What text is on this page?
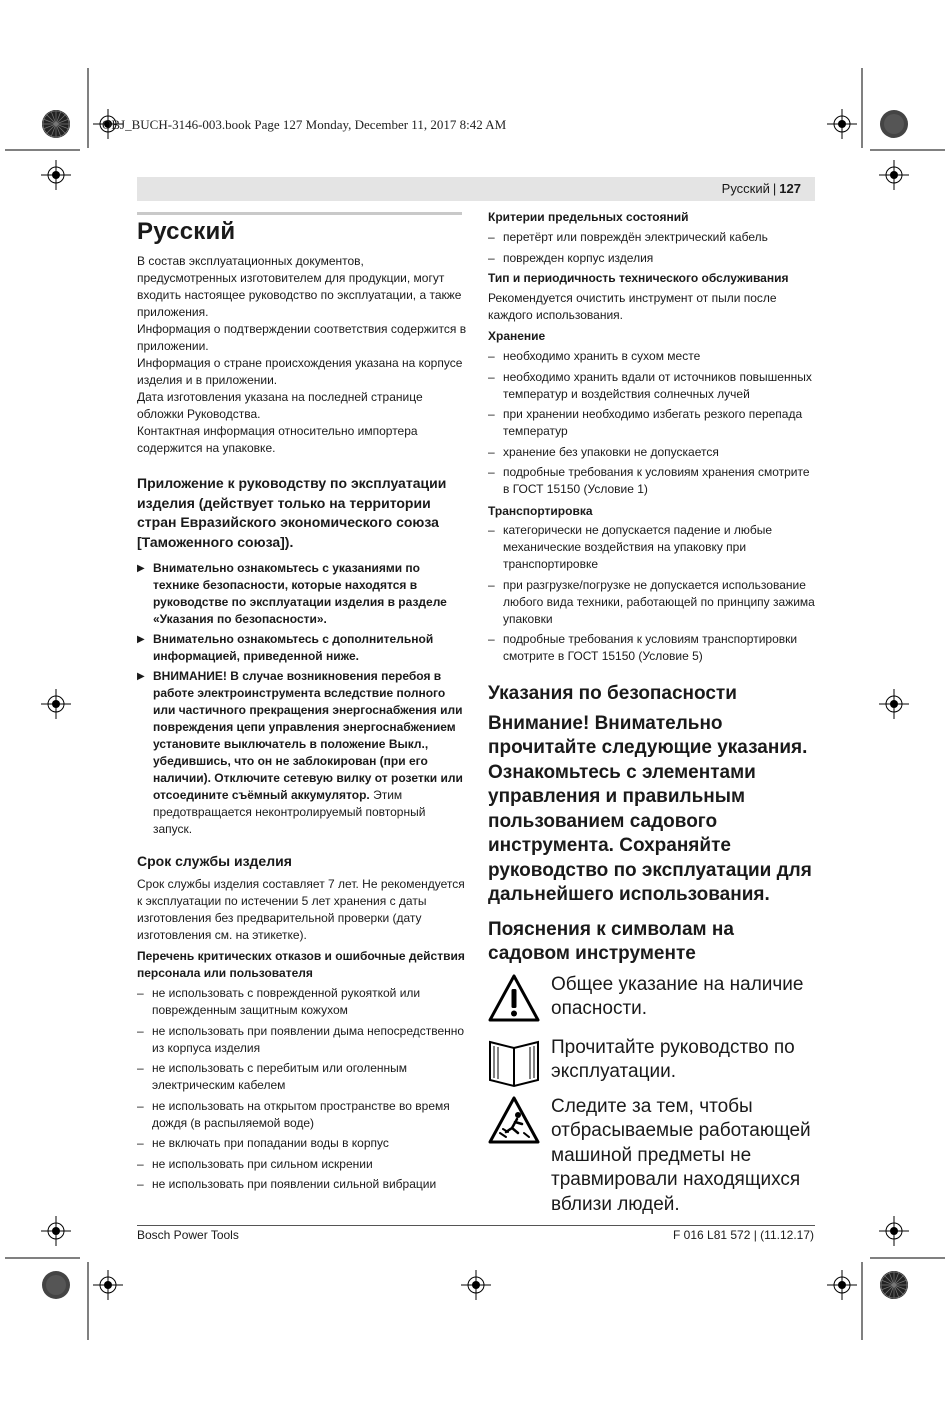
OBJ_BUCH-3146-003.book Page 127 Monday, December 11, 2017 8:42 AM
Русский | 127
Русский

В состав эксплуатационных документов, предусмотренных изготовителем для продукции, могут входить настоящее руководство по эксплуатации, а также приложения.

Информация о подтверждении соответствия содержится в приложении.

Информация о стране происхождения указана на корпусе изделия и в приложении.

Дата изготовления указана на последней странице обложки Руководства.

Контактная информация относительно импортера содержится на упаковке.

Приложение к руководству по эксплуатации изделия (действует только на территории стран Евразийского экономического союза [Таможенного союза]).
▶ Внимательно ознакомьтесь с указаниями по технике безопасности, которые находятся в руководстве по эксплуатации изделия в разделе «Указания по безопасности».
▶ Внимательно ознакомьтесь с дополнительной информацией, приведенной ниже.
▶ ВНИМАНИЕ! В случае возникновения перебоя в работе электроинструмента вследствие полного или частичного прекращения энергоснабжения или повреждения цепи управления энергоснабжением установите выключатель в положение Выкл., убедившись, что он не заблокирован (при его наличии). Отключите сетевую вилку от розетки или отсоедините съёмный аккумулятор. Этим предотвращается неконтролируемый повторный запуск.
Срок службы изделия

Срок службы изделия составляет 7 лет. Не рекомендуется к эксплуатации по истечении 5 лет хранения с даты изготовления без предварительной проверки (дату изготовления см. на этикетке).

Перечень критических отказов и ошибочные действия персонала или пользователя
– не использовать с поврежденной рукояткой или поврежденным защитным кожухом
– не использовать при появлении дыма непосредственно из корпуса изделия
– не использовать с перебитым или оголенным электрическим кабелем
– не использовать на открытом пространстве во время дождя (в распыляемой воде)
– не включать при попадании воды в корпус
– не использовать при сильном искрении
– не использовать при появлении сильной вибрации
Критерии предельных состояний
– перетёрт или повреждён электрический кабель
– поврежден корпус изделия
Тип и периодичность технического обслуживания

Рекомендуется очистить инструмент от пыли после каждого использования.

Хранение
– необходимо хранить в сухом месте
– необходимо хранить вдали от источников повышенных температур и воздействия солнечных лучей
– при хранении необходимо избегать резкого перепада температур
– хранение без упаковки не допускается
– подробные требования к условиям хранения смотрите в ГОСТ 15150 (Условие 1)
Транспортировка
– категорически не допускается падение и любые механические воздействия на упаковку при транспортировке
– при разгрузке/погрузке не допускается использование любого вида техники, работающей по принципу зажима упаковки
– подробные требования к условиям транспортировки смотрите в ГОСТ 15150 (Условие 5)
Указания по безопасности
Внимание! Внимательно прочитайте следующие указания. Ознакомьтесь с элементами управления и правильным пользованием садового инструмента. Сохраняйте руководство по эксплуатации для дальнейшего использования.
Пояснения к символам на садовом инструменте
Общее указание на наличие опасности.
Прочитайте руководство по эксплуатации.
Следите за тем, чтобы отбрасываемые работающей машиной предметы не травмировали находящихся вблизи людей.
Bosch Power Tools	F 016 L81 572 | (11.12.17)
